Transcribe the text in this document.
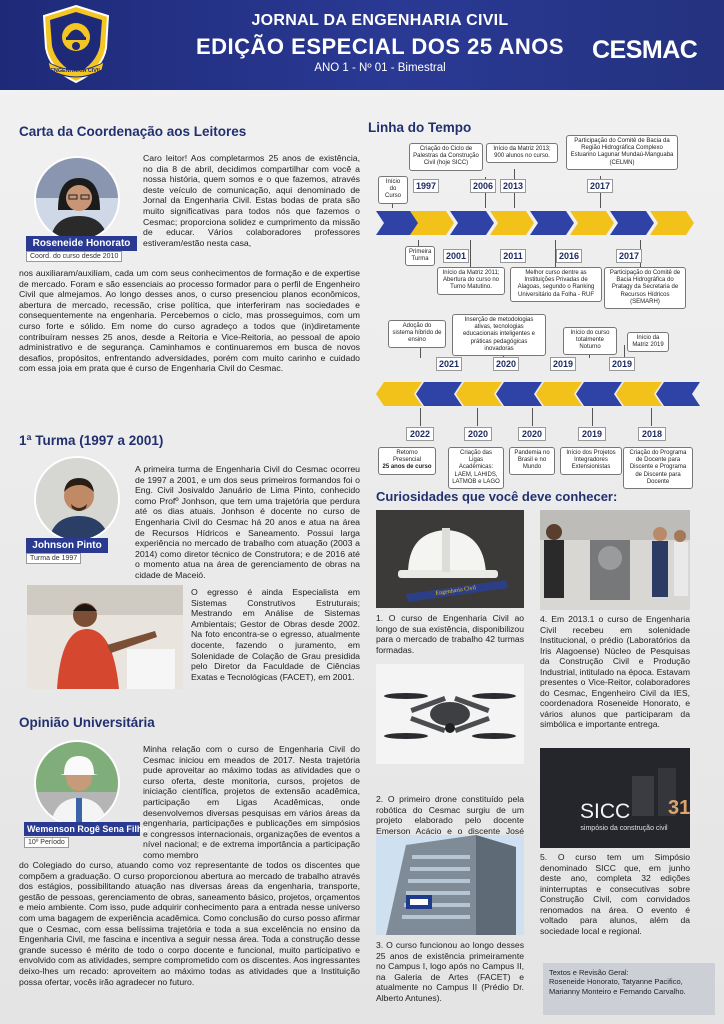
ENGENHARIA CIVIL
JORNAL DA ENGENHARIA CIVIL
EDIÇÃO ESPECIAL DOS 25 ANOS
ANO 1 - Nº 01 - Bimestral
CESMAC
Carta da Coordenação aos Leitores
Roseneide Honorato
Coord. do curso desde 2010
Caro leitor! Aos completarmos 25 anos de existência, no dia 8 de abril, decidimos compartilhar com você a nossa história, quem somos e o que fazemos, através deste veículo de comunicação, aqui denominado de Jornal da Engenharia Civil. Estas bodas de prata são muito significativas para todos nós que fazemos o Cesmac; proporciona solidez e cumprimento da missão de educar. Vários colaboradores professores estiveram/estão nesta casa,
nos auxiliaram/auxiliam, cada um com seus conhecimentos de formação e de expertise de mercado. Foram e são essenciais ao processo formador para o perfil de Engenheiro Civil que almejamos. Ao longo desses anos, o curso presenciou planos econômicos, abertura de mercado, recessão, crise política, que interferiram nas sociedades e consequentemente na engenharia. Percebemos o ciclo, mas prosseguimos, com um curso forte e sólido. Em nome do curso agradeço a todos que (in)diretamente contribuíram nesses 25 anos, desde a Reitoria e Vice-Reitoria, ao pessoal de apoio administrativo e de segurança. Caminhamos e continuaremos em busca de novos desafios, propósitos, enfrentando adversidades, porém com muito carinho e cuidado com essa joia em prata que é curso de Engenharia Civil do Cesmac.
1ª Turma (1997 a 2001)
Johnson Pinto
Turma de 1997
A primeira turma de Engenharia Civil do Cesmac ocorreu de 1997 a 2001, e um dos seus primeiros formandos foi o Eng. Civil Josivaldo Januário de Lima Pinto, conhecido como Profº Jonhson, que tem uma trajetória que perdura até os dias atuais. Jonhson é docente no curso de Engenharia Civil do Cesmac há 20 anos e atua na área de Recursos Hídricos e Saneamento. Possui larga experiência no mercado de trabalho com atuação (2003 a 2014) como diretor técnico de Construtora; e de 2016 até o momento atua na área de gerenciamento de obras na cidade de Maceió.
O egresso é ainda Especialista em Sistemas Construtivos Estruturais; Mestrando em Análise de Sistemas Ambientais; Gestor de Obras desde 2002. Na foto encontra-se o egresso, atualmente docente, fazendo o juramento, em Solenidade de Colação de Grau presidida pelo Diretor da Faculdade de Ciências Exatas e Tecnológicas (FACET), em 2001.
Opinião Universitária
Wemenson Rogê Sena Filho
10º Período
Minha relação com o curso de Engenharia Civil do Cesmac iniciou em meados de 2017. Nesta trajetória pude aproveitar ao máximo todas as atividades que o curso oferta, deste monitoria, cursos, projetos de iniciação científica, projetos de extensão acadêmica, participação em Ligas Acadêmicas, onde desenvolvemos diversas pesquisas em vários áreas da engenharia, participações e publicações em simpósios e congressos internacionais, organizações de eventos a nível nacional; e de extrema importância a participação como membro
do Colegiado do curso, atuando como voz representante de todos os discentes que compõem a graduação. O curso proporcionou abertura ao mercado de trabalho através dos estágios, possibilitando atuação nas diversas áreas da engenharia, transporte, gestão de pessoas, gerenciamento de obras, saneamento básico, projetos, orçamentos e meio ambiente. Com isso, pude adquirir conhecimento para a entrada nesse universo com uma bagagem de experiência acadêmica. Como conclusão do curso posso afirmar que o Cesmac, com essa belíssima trajetória e toda a sua excelência no ensino da Engenharia Civil, me fascina e incentiva a seguir nessa área. Toda a construção desse grande sucesso é mérito de todo o corpo docente e funcional, muito participativo e envolvido com as atividades, sempre comprometido com os discentes. Aos ingressantes deixo-lhes um recado: aproveitem ao máximo todas as atividades que a Instituição possa ofertar, vocês irão agradecer no futuro.
Linha do Tempo
Início do Curso
1997
Criação do Ciclo de Palestras da Construção Civil (hoje SICC)
2006
Início da Matriz 2013; 900 alunos no curso.
2013
Participação do Comitê de Bacia da Região Hidrográfica Complexo Estuarino Lagunar Mundaú-Manguaba (CELMN)
2017
Primeira Turma	2001	2011
Início da Matriz 2011; Abertura do curso no Turno Matutino.
2016
Melhor curso dentre as Instituições Privadas de Alagoas, segundo o Ranking Universitário da Folha - RUF
2017
Participação do Comitê de Bacia Hidrográfica do Pratagy da Secretaria de Recursos Hídricos (SEMARH)
Adoção do sistema híbrido de ensino
2021
Inserção de metodologias ativas, tecnologias educacionais inteligentes e práticas pedagógicas inovadoras
2020
Início do curso totalmente Noturno
2019
Início da Matriz 2019
2019
2022
Retorno Presencial
25 anos de curso
2020
Criação das Ligas Acadêmicas: LAEM, LAHIDS, LATMOB e LAGO
2020
Pandemia no Brasil e no Mundo
2019
Início dos Projetos Integradores Extensionistas
2018
Criação do Programa de Docente para Discente e Programa de Discente para Docente
Curiosidades que você deve conhecer:
Engenharia Civil
1. O curso de Engenharia Civil ao longo de sua existência, disponibilizou para o mercado de trabalho 42 turmas formadas.
2. O primeiro drone constituído pela robótica do Cesmac surgiu de um projeto elaborado pelo docente Emerson Acácio e o discente José
3. O curso funcionou ao longo desses 25 anos de existência primeiramente no Campus I, logo após no Campus II, na Galeria de Artes (FACET) e atualmente no Campus II (Prédio Dr. Alberto Antunes).
4. Em 2013.1 o curso de Engenharia Civil recebeu em solenidade Institucional, o prédio (Laboratórios da Iris Alagoense) Núcleo de Pesquisas da Construção Civil e Produção Industrial, intitulado na época. Estavam presentes o Vice-Reitor, colaboradores do Cesmac, Engenheiro Civil da IES, coordenadora Roseneide Honorato, e vários alunos que participaram da simbólica e importante entrega.
SICC 31
simpósio da construção civil
5. O curso tem um Simpósio denominado SICC que, em junho deste ano, completa 32 edições ininterruptas e consecutivas sobre Construção Civil, com convidados renomados na área. O evento é voltado para alunos, além da sociedade local e regional.
Textos e Revisão Geral:
Roseneide Honorato, Tatyanne Pacifico, Marianny Monteiro e Fernando Carvalho.
